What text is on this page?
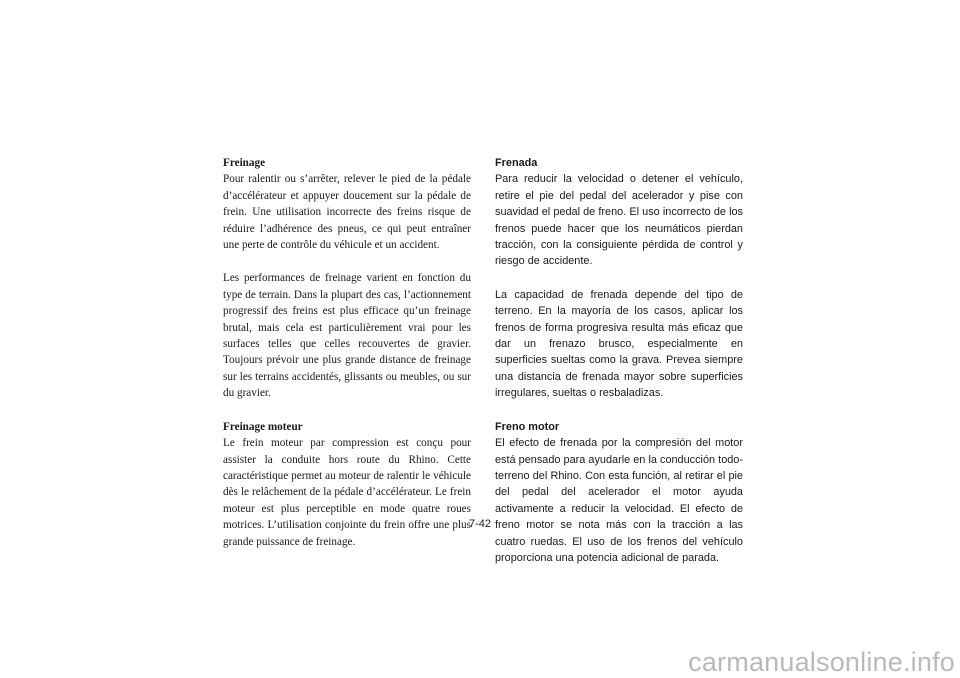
Freinage

Pour ralentir ou s’arrêter, relever le pied de la pédale d’accélérateur et appuyer doucement sur la pédale de frein. Une utilisation incorrecte des freins risque de réduire l’adhérence des pneus, ce qui peut entraîner une perte de contrôle du véhicule et un accident.

Les performances de freinage varient en fonction du type de terrain. Dans la plupart des cas, l’actionnement progressif des freins est plus efficace qu’un freinage brutal, mais cela est particulièrement vrai pour les surfaces telles que celles recouvertes de gravier. Toujours prévoir une plus grande distance de freinage sur les terrains accidentés, glissants ou meubles, ou sur du gravier.

Freinage moteur

Le frein moteur par compression est conçu pour assister la conduite hors route du Rhino. Cette caractéristique permet au moteur de ralentir le véhicule dès le relâchement de la pédale d’accélérateur. Le frein moteur est plus perceptible en mode quatre roues motrices. L’utilisation conjointe du frein offre une plus grande puissance de freinage.

Frenada

Para reducir la velocidad o detener el vehículo, retire el pie del pedal del acelerador y pise con suavidad el pedal de freno. El uso incorrecto de los frenos puede hacer que los neumáticos pierdan tracción, con la consiguiente pérdida de control y riesgo de accidente.

La capacidad de frenada depende del tipo de terreno. En la mayoría de los casos, aplicar los frenos de forma progresiva resulta más eficaz que dar un frenazo brusco, especialmente en superficies sueltas como la grava. Prevea siempre una distancia de frenada mayor sobre superficies irregulares, sueltas o resbaladizas.

Freno motor

El efecto de frenada por la compresión del motor está pensado para ayudarle en la conducción todo-terreno del Rhino. Con esta función, al retirar el pie del pedal del acelerador el motor ayuda activamente a reducir la velocidad. El efecto de freno motor se nota más con la tracción a las cuatro ruedas. El uso de los frenos del vehículo proporciona una potencia adicional de parada.

7-42
carmanualsonline.info
